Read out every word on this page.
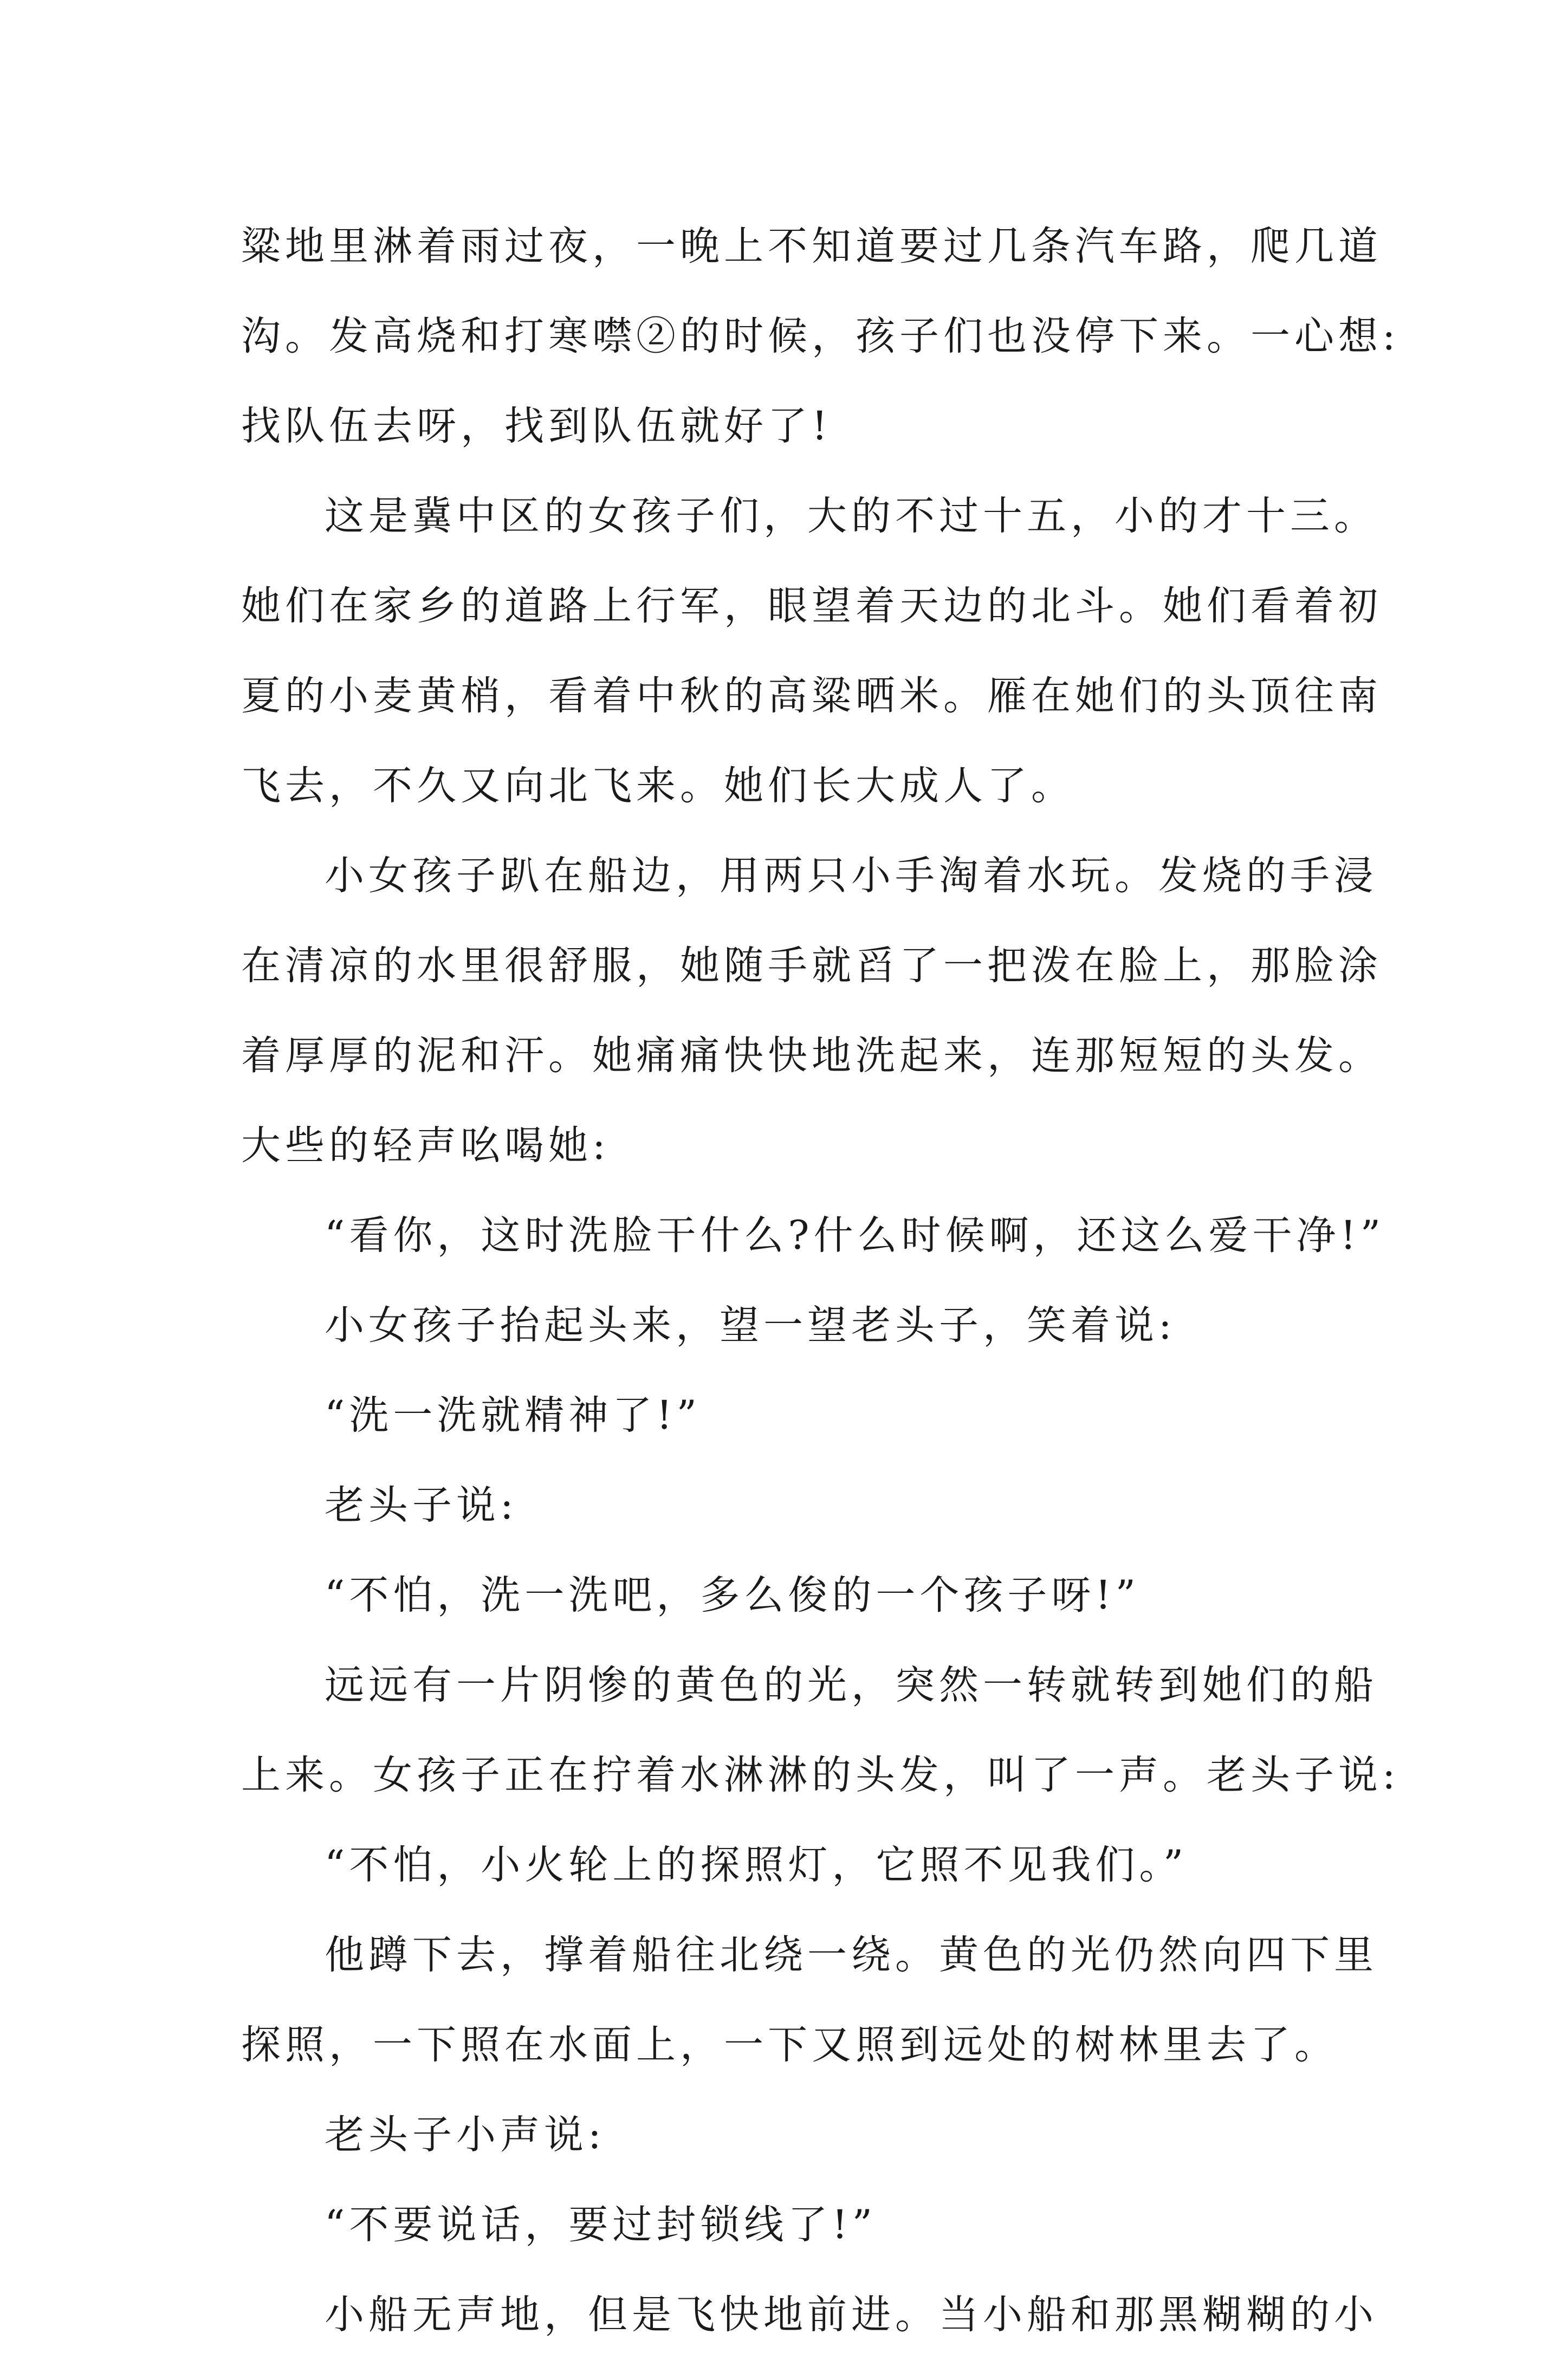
粱地里淋着雨过夜，一晚上不知道要过几条汽车路，爬几道
沟。发高烧和打寒噤②的时候，孩子们也没停下来。一心想:
找队伍去呀，找到队伍就好了!
这是冀中区的女孩子们，大的不过十五，小的才十三。
她们在家乡的道路上行军，眼望着天边的北斗。她们看着初
夏的小麦黄梢，看着中秋的高粱晒米。雁在她们的头顶往南
飞去，不久又向北飞来。她们长大成人了。
小女孩子趴在船边，用两只小手淘着水玩。发烧的手浸
在清凉的水里很舒服，她随手就舀了一把泼在脸上，那脸涂
着厚厚的泥和汗。她痛痛快快地洗起来，连那短短的头发。
大些的轻声吆喝她:
“看你，这时洗脸干什么?什么时候啊，还这么爱干净!”
小女孩子抬起头来，望一望老头子，笑着说:
“洗一洗就精神了!”
老头子说:
“不怕，洗一洗吧，多么俊的一个孩子呀!”
远远有一片阴惨的黄色的光，突然一转就转到她们的船
上来。女孩子正在拧着水淋淋的头发，叫了一声。老头子说:
“不怕，小火轮上的探照灯，它照不见我们。”
他蹲下去，撑着船往北绕一绕。黄色的光仍然向四下里
探照，一下照在水面上，一下又照到远处的树林里去了。
老头子小声说:
“不要说话，要过封锁线了!”
小船无声地，但是飞快地前进。当小船和那黑糊糊的小
